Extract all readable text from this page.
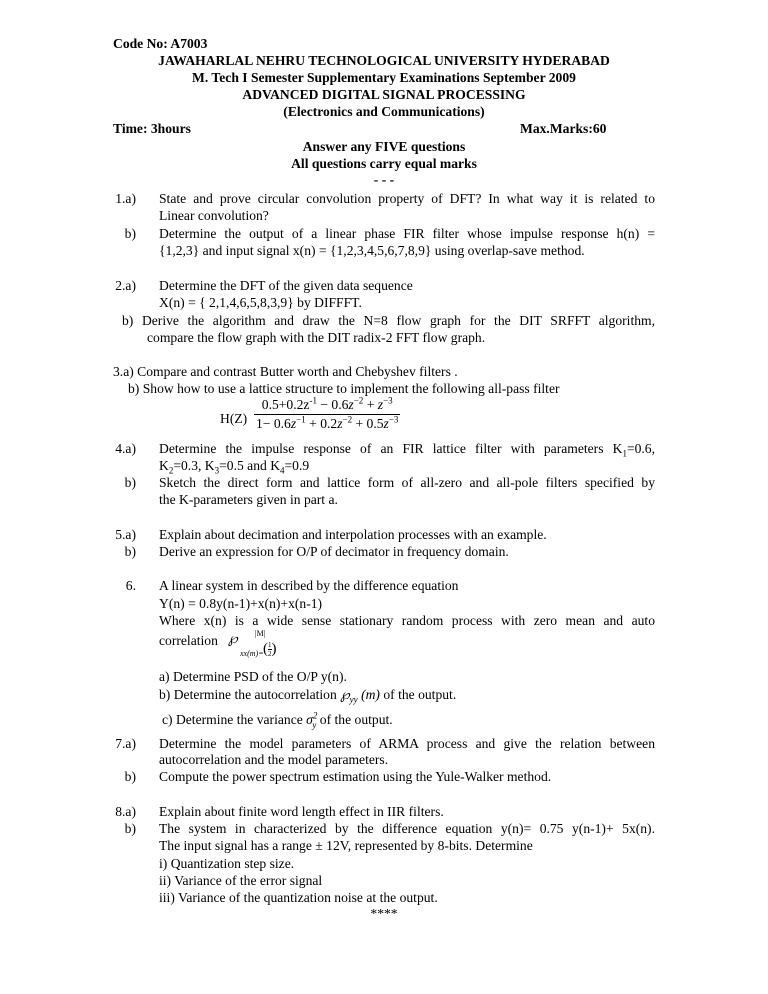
Code No: A7003
JAWAHARLAL NEHRU TECHNOLOGICAL UNIVERSITY HYDERABAD
M. Tech I Semester Supplementary Examinations September 2009
ADVANCED DIGITAL SIGNAL PROCESSING
(Electronics and Communications)
Time: 3hours	Max.Marks:60
Answer any FIVE questions
All questions carry equal marks
- - -
1.a) State and prove circular convolution property of DFT? In what way it is related to
Linear convolution?
b) Determine the output of a linear phase FIR filter whose impulse response h(n) =
{1,2,3} and input signal x(n) = {1,2,3,4,5,6,7,8,9} using overlap-save method.
2.a) Determine the DFT of the given data sequence
X(n) = { 2,1,4,6,5,8,3,9} by DIFFFT.
b) Derive the algorithm and draw the N=8 flow graph for the DIT SRFFT algorithm,
compare the flow graph with the DIT radix-2 FFT flow graph.
3.a) Compare and contrast Butter worth and Chebyshev filters .
b) Show how to use a lattice structure to implement the following all-pass filter
H(Z)
$0.5+0.2z^{-1} - 0.6z^{-2} + z^{-3}$
$1- 0.6z^{-1} + 0.2z^{-2} + 0.5z^{-3}$
4.a) Determine the impulse response of an FIR lattice filter with parameters $K_1=0.6$,
$K_2=0.3$, $K_3=0.5$ and $K_4=0.9$
b) Sketch the direct form and lattice form of all-zero and all-pole filters specified by
the K-parameters given in part a.
5.a) Explain about decimation and interpolation processes with an example.
b) Derive an expression for O/P of decimator in frequency domain.
6. A linear system in described by the difference equation
Y(n) = 0.8y(n-1)+x(n)+x(n-1)
Where x(n) is a wide sense stationary random process with zero mean and auto
correlation ℘
xx(m)=
|M|
( $\frac{1}{2}$ )
a) Determine PSD of the O/P y(n).
b) Determine the autocorrelation $℘_{yy}$ (m) of the output.
c) Determine the variance $\sigma^2_y$ of the output.
7.a) Determine the model parameters of ARMA process and give the relation between
autocorrelation and the model parameters.
b) Compute the power spectrum estimation using the Yule-Walker method.
8.a) Explain about finite word length effect in IIR filters.
b) The system in characterized by the difference equation y(n)= 0.75 y(n-1)+ 5x(n).
The input signal has a range ± 12V, represented by 8-bits. Determine
i) Quantization step size.
ii) Variance of the error signal
iii) Variance of the quantization noise at the output.
****
